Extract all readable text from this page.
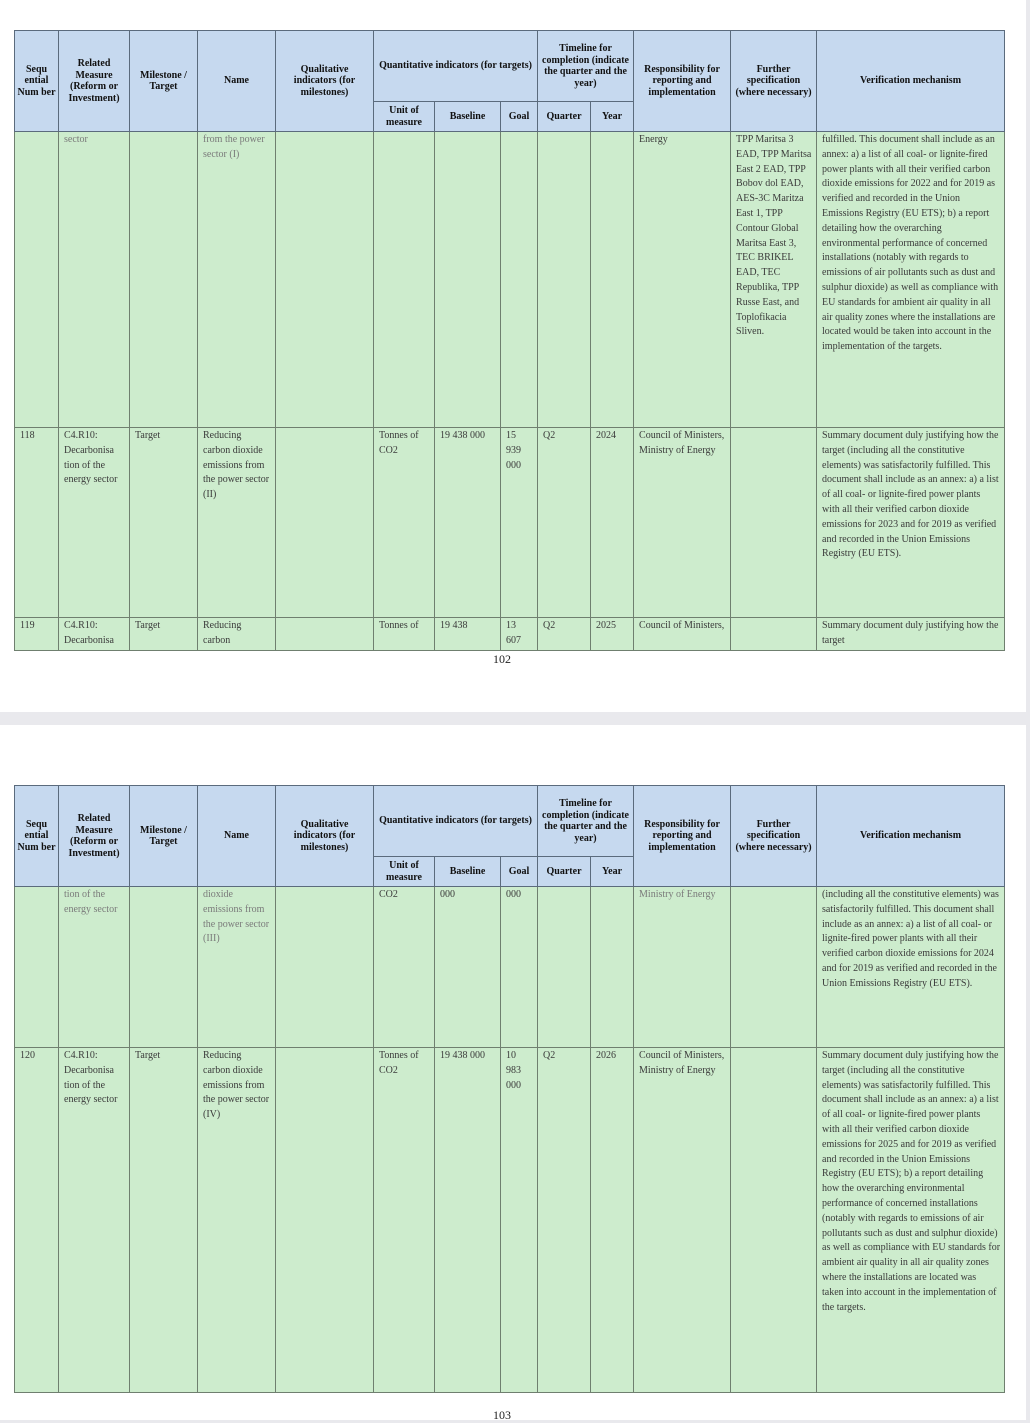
Sequ ential Num ber	Related Measure (Reform or Investment)	Milestone / Target	Name	Qualitative indicators (for milestones)	Quantitative indicators (for targets)			Timeline for completion (indicate the quarter and the year)		Responsibility for reporting and implementation	Further specification (where necessary)	Verification mechanism
					Unit of measure	Baseline	Goal	Quarter	Year			
	sector		from the power sector (I)							Energy	TPP Maritsa 3 EAD, TPP Maritsa East 2 EAD, TPP Bobov dol EAD, AES-3C Maritza East 1, TPP Contour Global Maritsa East 3, TEC BRIKEL EAD, TEC Republika, TPP Russe East, and Toplofikacia Sliven.	fulfilled. This document shall include as an annex: a) a list of all coal- or lignite-fired power plants with all their verified carbon dioxide emissions for 2022 and for 2019 as verified and recorded in the Union Emissions Registry (EU ETS); b) a report detailing how the overarching environmental performance of concerned installations (notably with regards to emissions of air pollutants such as dust and sulphur dioxide) as well as compliance with EU standards for ambient air quality in all air quality zones where the installations are located would be taken into account in the implementation of the targets.
118	C4.R10: Decarbonisa tion of the energy sector	Target	Reducing carbon dioxide emissions from the power sector (II)		Tonnes of CO2	19 438 000	15 939 000	Q2	2024	Council of Ministers, Ministry of Energy		Summary document duly justifying how the target (including all the constitutive elements) was satisfactorily fulfilled. This document shall include as an annex: a) a list of all coal- or lignite-fired power plants with all their verified carbon dioxide emissions for 2023 and for 2019 as verified and recorded in the Union Emissions Registry (EU ETS).
119	C4.R10: Decarbonisa	Target	Reducing carbon		Tonnes of	19 438	13 607	Q2	2025	Council of Ministers,		Summary document duly justifying how the target
102
Sequ ential Num ber	Related Measure (Reform or Investment)	Milestone / Target	Name	Qualitative indicators (for milestones)	Quantitative indicators (for targets)			Timeline for completion (indicate the quarter and the year)		Responsibility for reporting and implementation	Further specification (where necessary)	Verification mechanism
					Unit of measure	Baseline	Goal	Quarter	Year			
	tion of the energy sector		dioxide emissions from the power sector (III)		CO2	000	000			Ministry of Energy		(including all the constitutive elements) was satisfactorily fulfilled. This document shall include as an annex: a) a list of all coal- or lignite-fired power plants with all their verified carbon dioxide emissions for 2024 and for 2019 as verified and recorded in the Union Emissions Registry (EU ETS).
120	C4.R10: Decarbonisa tion of the energy sector	Target	Reducing carbon dioxide emissions from the power sector (IV)		Tonnes of CO2	19 438 000	10 983 000	Q2	2026	Council of Ministers, Ministry of Energy		Summary document duly justifying how the target (including all the constitutive elements) was satisfactorily fulfilled. This document shall include as an annex: a) a list of all coal- or lignite-fired power plants with all their verified carbon dioxide emissions for 2025 and for 2019 as verified and recorded in the Union Emissions Registry (EU ETS); b) a report detailing how the overarching environmental performance of concerned installations (notably with regards to emissions of air pollutants such as dust and sulphur dioxide) as well as compliance with EU standards for ambient air quality in all air quality zones where the installations are located was taken into account in the implementation of the targets.
103
